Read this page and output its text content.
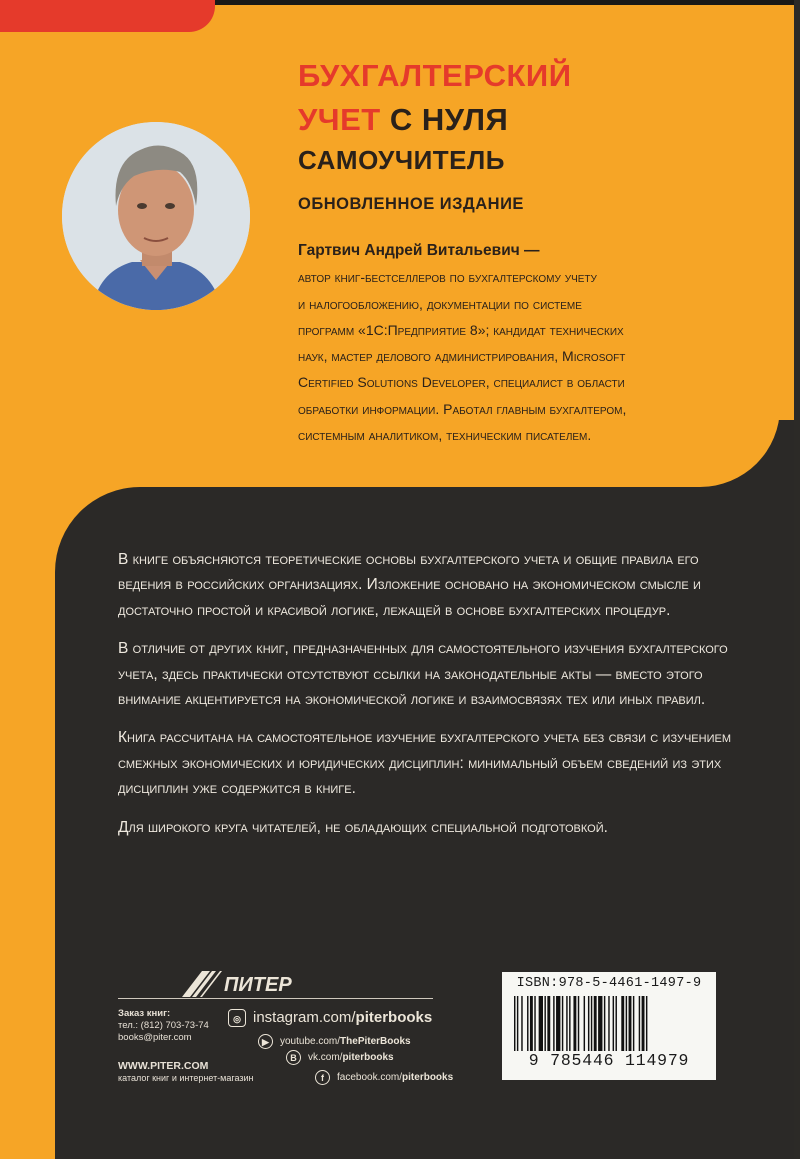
БУХГАЛТЕРСКИЙ
УЧЕТ С НУЛЯ
САМОУЧИТЕЛЬ
ОБНОВЛЕННОЕ ИЗДАНИЕ
Гартвич Андрей Витальевич —
автор книг-бестселлеров по бухгалтерскому учету
и налогообложению, документации по системе
программ «1С:Предприятие 8»; кандидат технических
наук, мастер делового администрирования, Microsoft
Certified Solutions Developer, специалист в области
обработки информации. Работал главным бухгалтером,
системным аналитиком, техническим писателем.

В книге объясняются теоретические основы бухгалтерского учета и общие правила его ведения в российских организациях. Изложение основано на экономическом смысле и достаточно простой и красивой логике, лежащей в основе бухгалтерских процедур.

В отличие от других книг, предназначенных для самостоятельного изучения бухгалтерского учета, здесь практически отсутствуют ссылки на законодательные акты — вместо этого внимание акцентируется на экономической логике и взаимосвязях тех или иных правил.

Книга рассчитана на самостоятельное изучение бухгалтерского учета без связи с изучением смежных экономических и юридических дисциплин: минимальный объем сведений из этих дисциплин уже содержится в книге.

Для широкого круга читателей, не обладающих специальной подготовкой.

ПИТЕР
Заказ книг:
тел.: (812) 703-73-74
books@piter.com
WWW.PITER.COM
каталог книг и интернет-магазин
◎ instagram.com/piterbooks
▶ youtube.com/ThePiterBooks
B vk.com/piterbooks
f facebook.com/piterbooks
ISBN:978-5-4461-1497-9
9 785446 114979
